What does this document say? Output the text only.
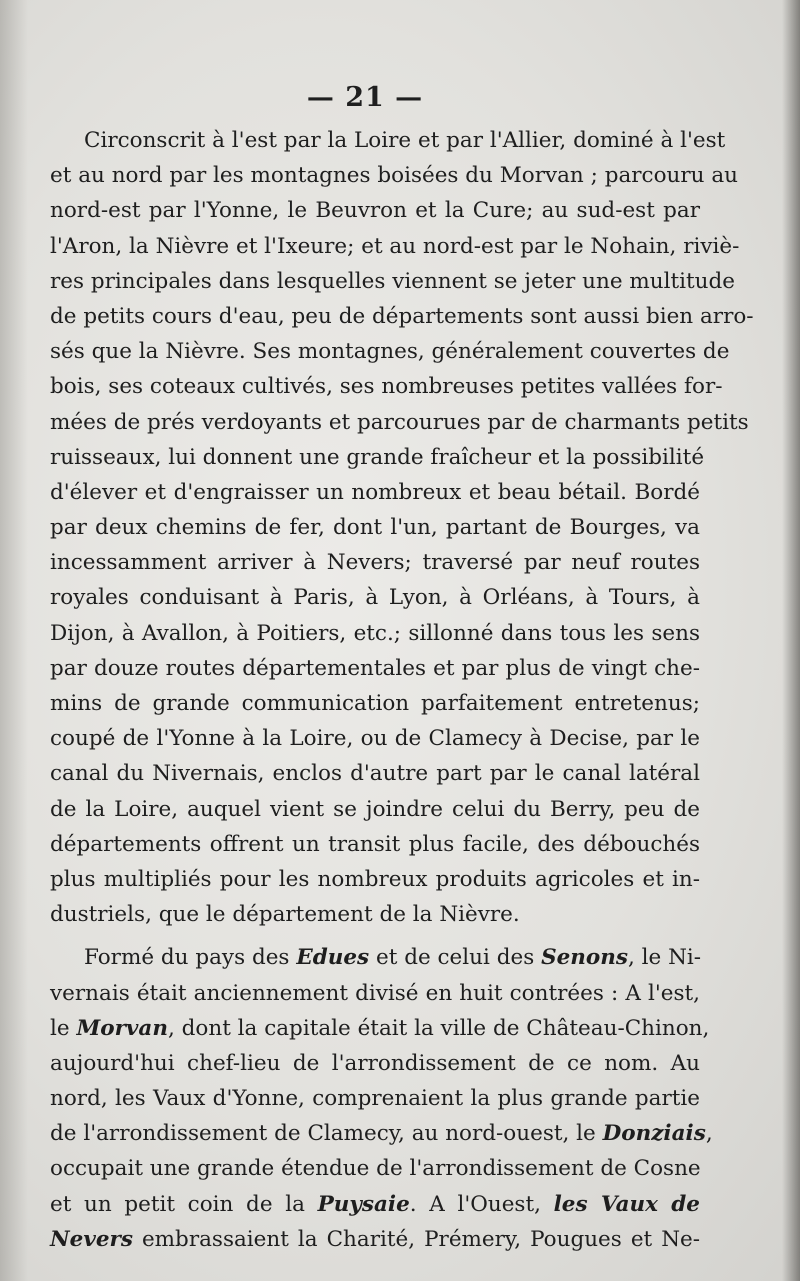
— 21 —
Circonscrit à l'est par la Loire et par l'Allier, dominé à l'est
et au nord par les montagnes boisées du Morvan ; parcouru au
nord-est par l'Yonne, le Beuvron et la Cure; au sud-est par
l'Aron, la Nièvre et l'Ixeure; et au nord-est par le Nohain, riviè-
res principales dans lesquelles viennent se jeter une multitude
de petits cours d'eau, peu de départements sont aussi bien arro-
sés que la Nièvre. Ses montagnes, généralement couvertes de
bois, ses coteaux cultivés, ses nombreuses petites vallées for-
mées de prés verdoyants et parcourues par de charmants petits
ruisseaux, lui donnent une grande fraîcheur et la possibilité
d'élever et d'engraisser un nombreux et beau bétail. Bordé
par deux chemins de fer, dont l'un, partant de Bourges, va
incessamment arriver à Nevers; traversé par neuf routes
royales conduisant à Paris, à Lyon, à Orléans, à Tours, à
Dijon, à Avallon, à Poitiers, etc.; sillonné dans tous les sens
par douze routes départementales et par plus de vingt che-
mins de grande communication parfaitement entretenus;
coupé de l'Yonne à la Loire, ou de Clamecy à Decise, par le
canal du Nivernais, enclos d'autre part par le canal latéral
de la Loire, auquel vient se joindre celui du Berry, peu de
départements offrent un transit plus facile, des débouchés
plus multipliés pour les nombreux produits agricoles et in-
dustriels, que le département de la Nièvre.
Formé du pays des Edues et de celui des Senons, le Ni-
vernais était anciennement divisé en huit contrées : A l'est,
le Morvan, dont la capitale était la ville de Château-Chinon,
aujourd'hui chef-lieu de l'arrondissement de ce nom. Au
nord, les Vaux d'Yonne, comprenaient la plus grande partie
de l'arrondissement de Clamecy, au nord-ouest, le Donziais,
occupait une grande étendue de l'arrondissement de Cosne
et un petit coin de la Puysaie. A l'Ouest, les Vaux de
Nevers embrassaient la Charité, Prémery, Pougues et Ne-
